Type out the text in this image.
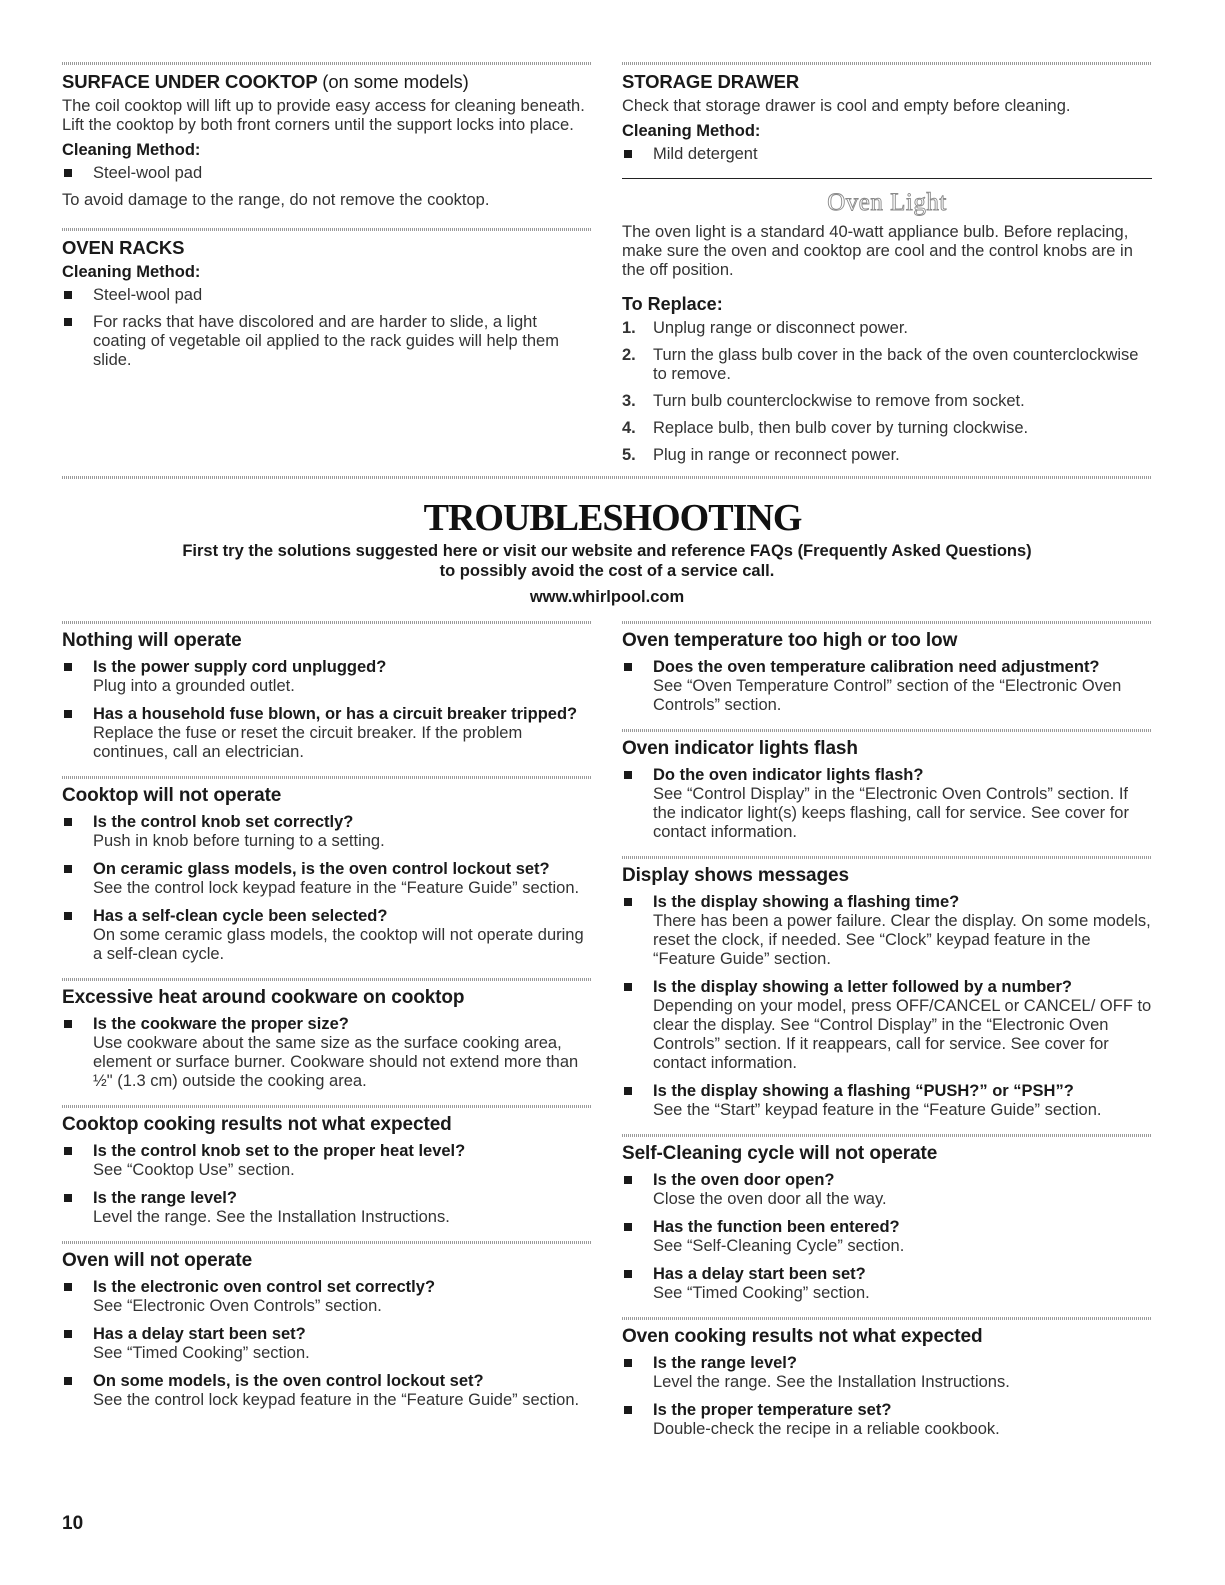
SURFACE UNDER COOKTOP (on some models)

The coil cooktop will lift up to provide easy access for cleaning beneath. Lift the cooktop by both front corners until the support locks into place.

Cleaning Method:
Steel-wool pad

To avoid damage to the range, do not remove the cooktop.

OVEN RACKS
Cleaning Method:
Steel-wool pad
For racks that have discolored and are harder to slide, a light coating of vegetable oil applied to the rack guides will help them slide.
STORAGE DRAWER

Check that storage drawer is cool and empty before cleaning.

Cleaning Method:
Mild detergent
Oven Light

The oven light is a standard 40-watt appliance bulb. Before replacing, make sure the oven and cooktop are cool and the control knobs are in the off position.

To Replace:
1. Unplug range or disconnect power.
2. Turn the glass bulb cover in the back of the oven counterclockwise to remove.
3. Turn bulb counterclockwise to remove from socket.
4. Replace bulb, then bulb cover by turning clockwise.
5. Plug in range or reconnect power.
TROUBLESHOOTING
First try the solutions suggested here or visit our website and reference FAQs (Frequently Asked Questions)
to possibly avoid the cost of a service call.
www.whirlpool.com
Nothing will operate
Is the power supply cord unplugged?
Plug into a grounded outlet.
Has a household fuse blown, or has a circuit breaker tripped?
Replace the fuse or reset the circuit breaker. If the problem continues, call an electrician.
Cooktop will not operate
Is the control knob set correctly?
Push in knob before turning to a setting.
On ceramic glass models, is the oven control lockout set?
See the control lock keypad feature in the “Feature Guide” section.
Has a self-clean cycle been selected?
On some ceramic glass models, the cooktop will not operate during a self-clean cycle.
Excessive heat around cookware on cooktop
Is the cookware the proper size?
Use cookware about the same size as the surface cooking area, element or surface burner. Cookware should not extend more than ½" (1.3 cm) outside the cooking area.
Cooktop cooking results not what expected
Is the control knob set to the proper heat level?
See “Cooktop Use” section.
Is the range level?
Level the range. See the Installation Instructions.
Oven will not operate
Is the electronic oven control set correctly?
See “Electronic Oven Controls” section.
Has a delay start been set?
See “Timed Cooking” section.
On some models, is the oven control lockout set?
See the control lock keypad feature in the “Feature Guide” section.
Oven temperature too high or too low
Does the oven temperature calibration need adjustment?
See “Oven Temperature Control” section of the “Electronic Oven Controls” section.
Oven indicator lights flash
Do the oven indicator lights flash?
See “Control Display” in the “Electronic Oven Controls” section. If the indicator light(s) keeps flashing, call for service. See cover for contact information.
Display shows messages
Is the display showing a flashing time?
There has been a power failure. Clear the display. On some models, reset the clock, if needed. See “Clock” keypad feature in the “Feature Guide” section.
Is the display showing a letter followed by a number?
Depending on your model, press OFF/CANCEL or CANCEL/ OFF to clear the display. See “Control Display” in the “Electronic Oven Controls” section. If it reappears, call for service. See cover for contact information.
Is the display showing a flashing “PUSH?” or “PSH”?
See the “Start” keypad feature in the “Feature Guide” section.
Self-Cleaning cycle will not operate
Is the oven door open?
Close the oven door all the way.
Has the function been entered?
See “Self-Cleaning Cycle” section.
Has a delay start been set?
See “Timed Cooking” section.
Oven cooking results not what expected
Is the range level?
Level the range. See the Installation Instructions.
Is the proper temperature set?
Double-check the recipe in a reliable cookbook.
10
